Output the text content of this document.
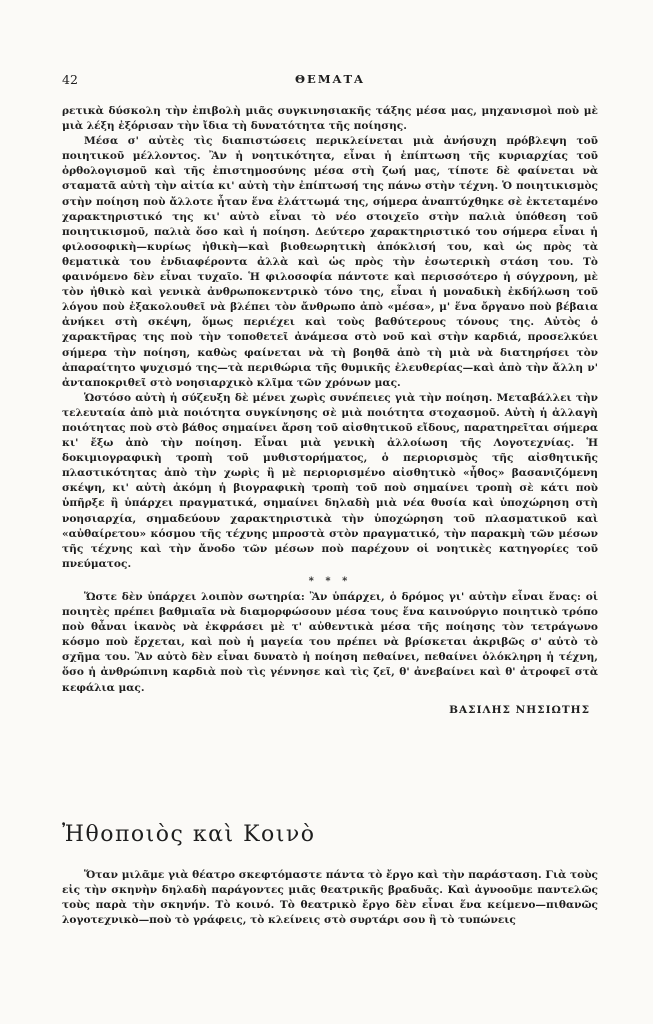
42	ΘΕΜΑΤΑ

ρετικὰ δύσκολη τὴν ἐπιβολὴ μιᾶς συγκινησιακῆς τάξης μέσα μας, μηχανισμοὶ ποὺ μὲ μιὰ λέξη ἐξόρισαν τὴν ἴδια τὴ δυνατότητα τῆς ποίησης.

Μέσα σ' αὐτὲς τὶς διαπιστώσεις περικλείνεται μιὰ ἀνήσυχη πρόβλεψη τοῦ ποιητικοῦ μέλλοντος. Ἂν ἡ νοητικότητα, εἶναι ἡ ἐπίπτωση τῆς κυριαρχίας τοῦ ὀρθολογισμοῦ καὶ τῆς ἐπιστημοσύνης μέσα στὴ ζωή μας, τίποτε δὲ φαίνεται νὰ σταματᾶ αὐτὴ τὴν αἰτία κι' αὐτὴ τὴν ἐπίπτωσή της πάνω στὴν τέχνη. Ὁ ποιητικισμὸς στὴν ποίηση ποὺ ἄλλοτε ἦταν ἕνα ἐλάττωμά της, σήμερα ἀναπτύχθηκε σὲ ἐκτεταμένο χαρακτηριστικό της κι' αὐτὸ εἶναι τὸ νέο στοιχεῖο στὴν παλιὰ ὑπόθεση τοῦ ποιητικισμοῦ, παλιὰ ὅσο καὶ ἡ ποίηση. Δεύτερο χαρακτηριστικό του σήμερα εἶναι ἡ φιλοσοφικὴ—κυρίως ἠθικὴ—καὶ βιοθεωρητικὴ ἀπόκλισή του, καὶ ὡς πρὸς τὰ θεματικὰ του ἐνδιαφέροντα ἀλλὰ καὶ ὡς πρὸς τὴν ἐσωτερικὴ στάση του. Τὸ φαινόμενο δὲν εἶναι τυχαῖο. Ἡ φιλοσοφία πάντοτε καὶ περισσότερο ἡ σύγχρονη, μὲ τὸν ἠθικὸ καὶ γενικὰ ἀνθρωποκεντρικὸ τόνο της, εἶναι ἡ μοναδικὴ ἐκδήλωση τοῦ λόγου ποὺ ἐξακολουθεῖ νὰ βλέπει τὸν ἄνθρωπο ἀπὸ «μέσα», μ' ἕνα ὄργανο ποὺ βέβαια ἀνήκει στὴ σκέψη, ὅμως περιέχει καὶ τοὺς βαθύτερους τόνους της. Αὐτὸς ὁ χαρακτῆρας της ποὺ τὴν τοποθετεῖ ἀνάμεσα στὸ νοῦ καὶ στὴν καρδιά, προσελκύει σήμερα τὴν ποίηση, καθὼς φαίνεται νὰ τὴ βοηθᾶ ἀπὸ τὴ μιὰ νὰ διατηρήσει τὸν ἀπαραίτητο ψυχισμό της—τὰ περιθώρια τῆς θυμικῆς ἐλευθερίας—καὶ ἀπὸ τὴν ἄλλη ν' ἀνταποκριθεῖ στὸ νοησιαρχικὸ κλῖμα τῶν χρόνων μας.

Ὡστόσο αὐτὴ ἡ σύζευξη δὲ μένει χωρὶς συνέπειες γιὰ τὴν ποίηση. Μεταβάλλει τὴν τελευταία ἀπὸ μιὰ ποιότητα συγκίνησης σὲ μιὰ ποιότητα στοχασμοῦ. Αὐτὴ ἡ ἀλλαγὴ ποιότητας ποὺ στὸ βάθος σημαίνει ἄρση τοῦ αἰσθητικοῦ εἴδους, παρατηρεῖται σήμερα κι' ἔξω ἀπὸ τὴν ποίηση. Εἶναι μιὰ γενικὴ ἀλλοίωση τῆς Λογοτεχνίας. Ἡ δοκιμιογραφικὴ τροπὴ τοῦ μυθιστορήματος, ὁ περιορισμὸς τῆς αἰσθητικῆς πλαστικότητας ἀπὸ τὴν χωρὶς ἢ μὲ περιορισμένο αἰσθητικὸ «ἦθος» βασανιζόμενη σκέψη, κι' αὐτὴ ἀκόμη ἡ βιογραφικὴ τροπὴ τοῦ ποὺ σημαίνει τροπὴ σὲ κάτι ποὺ ὑπῆρξε ἢ ὑπάρχει πραγματικά, σημαίνει δηλαδὴ μιὰ νέα θυσία καὶ ὑποχώρηση στὴ νοησιαρχία, σημαδεύουν χαρακτηριστικὰ τὴν ὑποχώρηση τοῦ πλασματικοῦ καὶ «αὐθαίρετου» κόσμου τῆς τέχνης μπροστὰ στὸν πραγματικό, τὴν παρακμὴ τῶν μέσων τῆς τέχνης καὶ τὴν ἄνοδο τῶν μέσων ποὺ παρέχουν οἱ νοητικὲς κατηγορίες τοῦ πνεύματος.

* * *

Ὥστε δὲν ὑπάρχει λοιπὸν σωτηρία: Ἂν ὑπάρχει, ὁ δρόμος γι' αὐτὴν εἶναι ἕνας: οἱ ποιητὲς πρέπει βαθμιαῖα νὰ διαμορφώσουν μέσα τους ἕνα καινούργιο ποιητικὸ τρόπο ποὺ θἆναι ἱκανὸς νὰ ἐκφράσει μὲ τ' αὐθεντικὰ μέσα τῆς ποίησης τὸν τετράγωνο κόσμο ποὺ ἔρχεται, καὶ ποὺ ἡ μαγεία του πρέπει νὰ βρίσκεται ἀκριβῶς σ' αὐτὸ τὸ σχῆμα του. Ἂν αὐτὸ δὲν εἶναι δυνατὸ ἡ ποίηση πεθαίνει, πεθαίνει ὁλόκληρη ἡ τέχνη, ὅσο ἡ ἀνθρώπινη καρδιὰ ποὺ τὶς γέννησε καὶ τὶς ζεῖ, θ' ἀνεβαίνει καὶ θ' ἀτροφεῖ στὰ κεφάλια μας.

ΒΑΣΙΛΗΣ ΝΗΣΙΩΤΗΣ
Ἠθοποιὸς καὶ Κοινὸ

Ὅταν μιλᾶμε γιὰ θέατρο σκεφτόμαστε πάντα τὸ ἔργο καὶ τὴν παράσταση. Γιὰ τοὺς εἰς τὴν σκηνὴν δηλαδὴ παράγοντες μιᾶς θεατρικῆς βραδυᾶς. Καὶ ἀγνοοῦμε παντελῶς τοὺς παρὰ τὴν σκηνήν. Τὸ κοινό. Τὸ θεατρικὸ ἔργο δὲν εἶναι ἕνα κείμενο—πιθανῶς λογοτεχνικὸ—ποὺ τὸ γράφεις, τὸ κλείνεις στὸ συρτάρι σου ἢ τὸ τυπώνεις
